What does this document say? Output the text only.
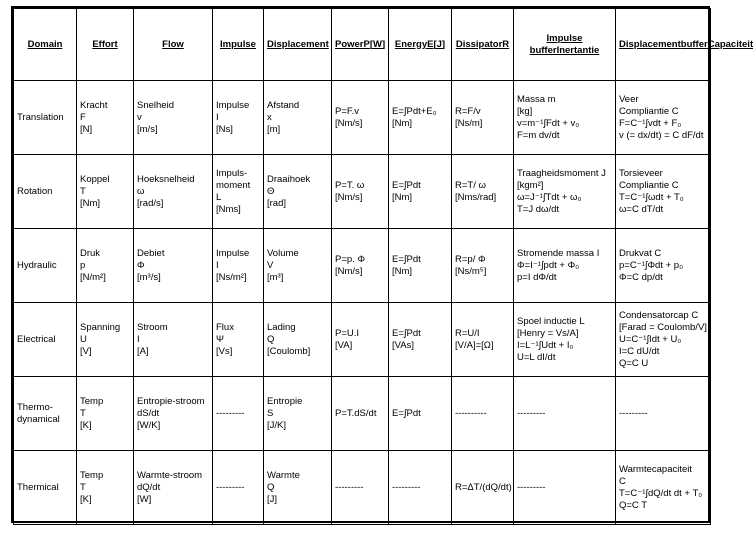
Domain	Effort	Flow	Impulse	Displacement	PowerP[W]	EnergyE[J]	DissipatorR	Impulse bufferInertantie	DisplacementbufferCapaciteit

Translation	Kracht
F
[N]	Snelheid
v
[m/s]	Impulse
I
[Ns]	Afstand
x
[m]	P=F.v
[Nm/s]	E=∫Pdt+E₀
[Nm]	R=F/v
[Ns/m]	Massa m
[kg]
v=m⁻¹∫Fdt + v₀
F=m dv/dt	Veer
Compliantie C
F=C⁻¹∫vdt + F₀
v (= dx/dt) = C dF/dt

Rotation	Koppel
T
[Nm]	Hoeksnelheid
ω
[rad/s]	Impuls-
moment
L
[Nms]	Draaihoek
Θ
[rad]	P=T. ω
[Nm/s]	E=∫Pdt
[Nm]	R=T/ ω
[Nms/rad]	Traagheidsmoment J
[kgm²]
ω=J⁻¹∫Tdt + ω₀
T=J dω/dt	Torsieveer
Compliantie C
T=C⁻¹∫ωdt + T₀
ω=C dT/dt

Hydraulic	Druk
p
[N/m²]	Debiet
Φ
[m³/s]	Impulse
I
[Ns/m²]	Volume
V
[m³]	P=p. Φ
[Nm/s]	E=∫Pdt
[Nm]	R=p/ Φ
[Ns/m⁵]	Stromende massa I
Φ=I⁻¹∫pdt + Φ₀
p=I dΦ/dt	Drukvat C
p=C⁻¹∫Φdt + p₀
Φ=C dp/dt

Electrical	Spanning
U
[V]	Stroom
I
[A]	Flux
Ψ
[Vs]	Lading
Q
[Coulomb]	P=U.I
[VA]	E=∫Pdt
[VAs]	R=U/I
[V/A]=[Ω]	Spoel inductie L
[Henry = Vs/A]
I=L⁻¹∫Udt + I₀
U=L dI/dt	Condensatorcap C
[Farad = Coulomb/V]
U=C⁻¹∫Idt + U₀
I=C dU/dt
Q=C U

Thermo-
dynamical	Temp
T
[K]	Entropie-stroom
dS/dt
[W/K]	---------	Entropie
S
[J/K]	P=T.dS/dt	E=∫Pdt	----------	---------	---------

Thermical	Temp
T
[K]	Warmte-stroom
dQ/dt
[W]	---------	Warmte
Q
[J]	---------	---------	R=ΔT/(dQ/dt)	---------	Warmtecapaciteit
C
T=C⁻¹∫dQ/dt dt + T₀
Q=C T
